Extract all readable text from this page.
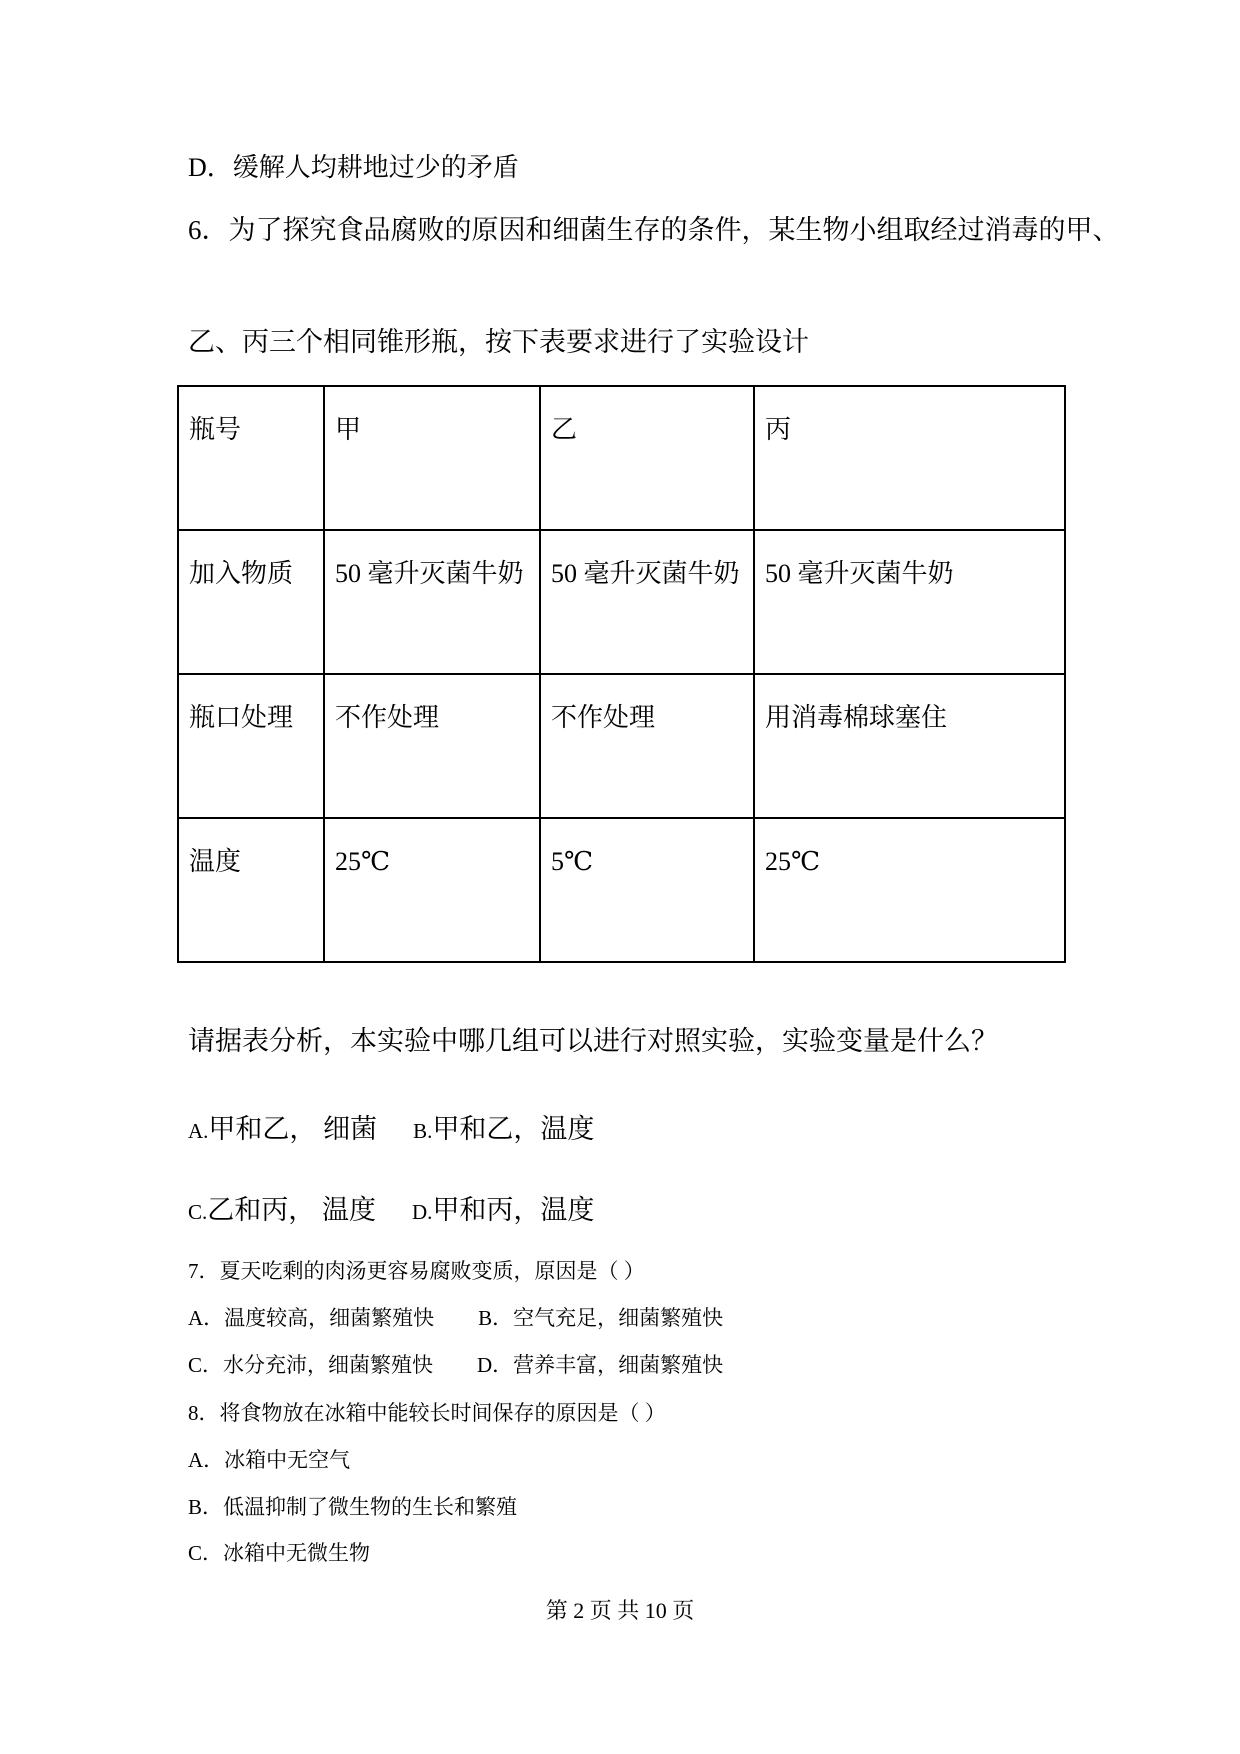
D．缓解人均耕地过少的矛盾

6．为了探究食品腐败的原因和细菌生存的条件，某生物小组取经过消毒的甲、

乙、丙三个相同锥形瓶，按下表要求进行了实验设计

瓶号	甲	乙	丙
加入物质	50 毫升灭菌牛奶	50 毫升灭菌牛奶	50 毫升灭菌牛奶
瓶口处理	不作处理	不作处理	用消毒棉球塞住
温度	25℃	5℃	25℃

请据表分析，本实验中哪几组可以进行对照实验，实验变量是什么？

A.甲和乙， 细菌 B.甲和乙，温度

C.乙和丙， 温度 D.甲和丙，温度

7．夏天吃剩的肉汤更容易腐败变质，原因是（ ）

A．温度较高，细菌繁殖快 B．空气充足，细菌繁殖快

C．水分充沛，细菌繁殖快 D．营养丰富，细菌繁殖快

8．将食物放在冰箱中能较长时间保存的原因是（ ）

A．冰箱中无空气

B．低温抑制了微生物的生长和繁殖

C．冰箱中无微生物

第 2 页 共 10 页
